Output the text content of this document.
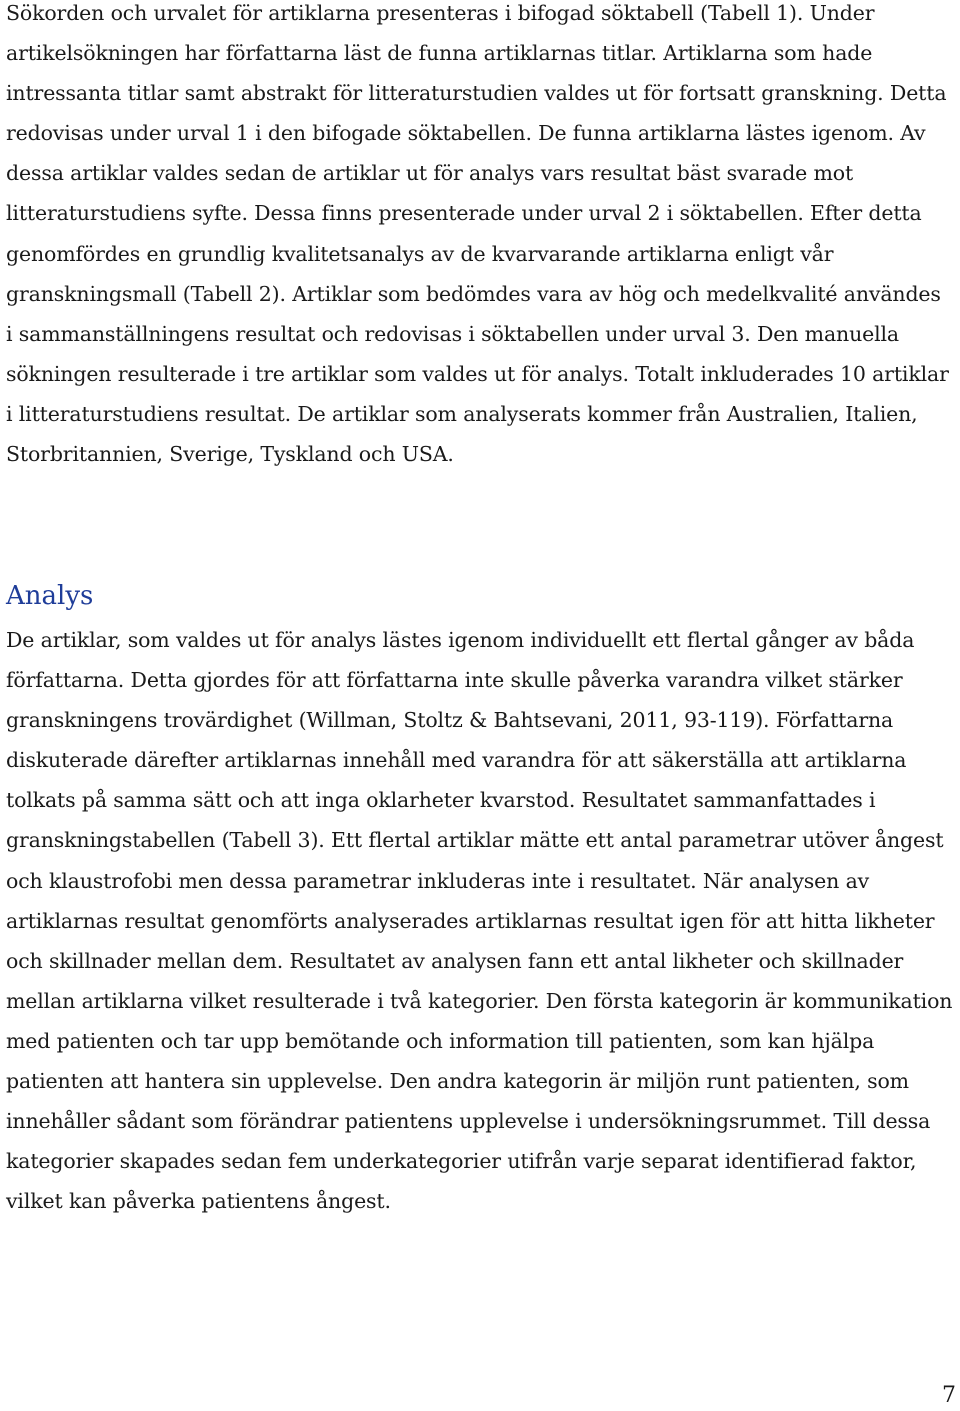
Sökorden och urvalet för artiklarna presenteras i bifogad söktabell (Tabell 1). Under
artikelsökningen har författarna läst de funna artiklarnas titlar. Artiklarna som hade
intressanta titlar samt abstrakt för litteraturstudien valdes ut för fortsatt granskning. Detta
redovisas under urval 1 i den bifogade söktabellen. De funna artiklarna lästes igenom. Av
dessa artiklar valdes sedan de artiklar ut för analys vars resultat bäst svarade mot
litteraturstudiens syfte. Dessa finns presenterade under urval 2 i söktabellen. Efter detta
genomfördes en grundlig kvalitetsanalys av de kvarvarande artiklarna enligt vår
granskningsmall (Tabell 2). Artiklar som bedömdes vara av hög och medelkvalité användes
i sammanställningens resultat och redovisas i söktabellen under urval 3. Den manuella
sökningen resulterade i tre artiklar som valdes ut för analys. Totalt inkluderades 10 artiklar
i litteraturstudiens resultat. De artiklar som analyserats kommer från Australien, Italien,
Storbritannien, Sverige, Tyskland och USA.

Analys

De artiklar, som valdes ut för analys lästes igenom individuellt ett flertal gånger av båda
författarna. Detta gjordes för att författarna inte skulle påverka varandra vilket stärker
granskningens trovärdighet (Willman, Stoltz & Bahtsevani, 2011, 93-119). Författarna
diskuterade därefter artiklarnas innehåll med varandra för att säkerställa att artiklarna
tolkats på samma sätt och att inga oklarheter kvarstod. Resultatet sammanfattades i
granskningstabellen (Tabell 3). Ett flertal artiklar mätte ett antal parametrar utöver ångest
och klaustrofobi men dessa parametrar inkluderas inte i resultatet. När analysen av
artiklarnas resultat genomförts analyserades artiklarnas resultat igen för att hitta likheter
och skillnader mellan dem. Resultatet av analysen fann ett antal likheter och skillnader
mellan artiklarna vilket resulterade i två kategorier. Den första kategorin är kommunikation
med patienten och tar upp bemötande och information till patienten, som kan hjälpa
patienten att hantera sin upplevelse. Den andra kategorin är miljön runt patienten, som
innehåller sådant som förändrar patientens upplevelse i undersökningsrummet. Till dessa
kategorier skapades sedan fem underkategorier utifrån varje separat identifierad faktor,
vilket kan påverka patientens ångest.

7
